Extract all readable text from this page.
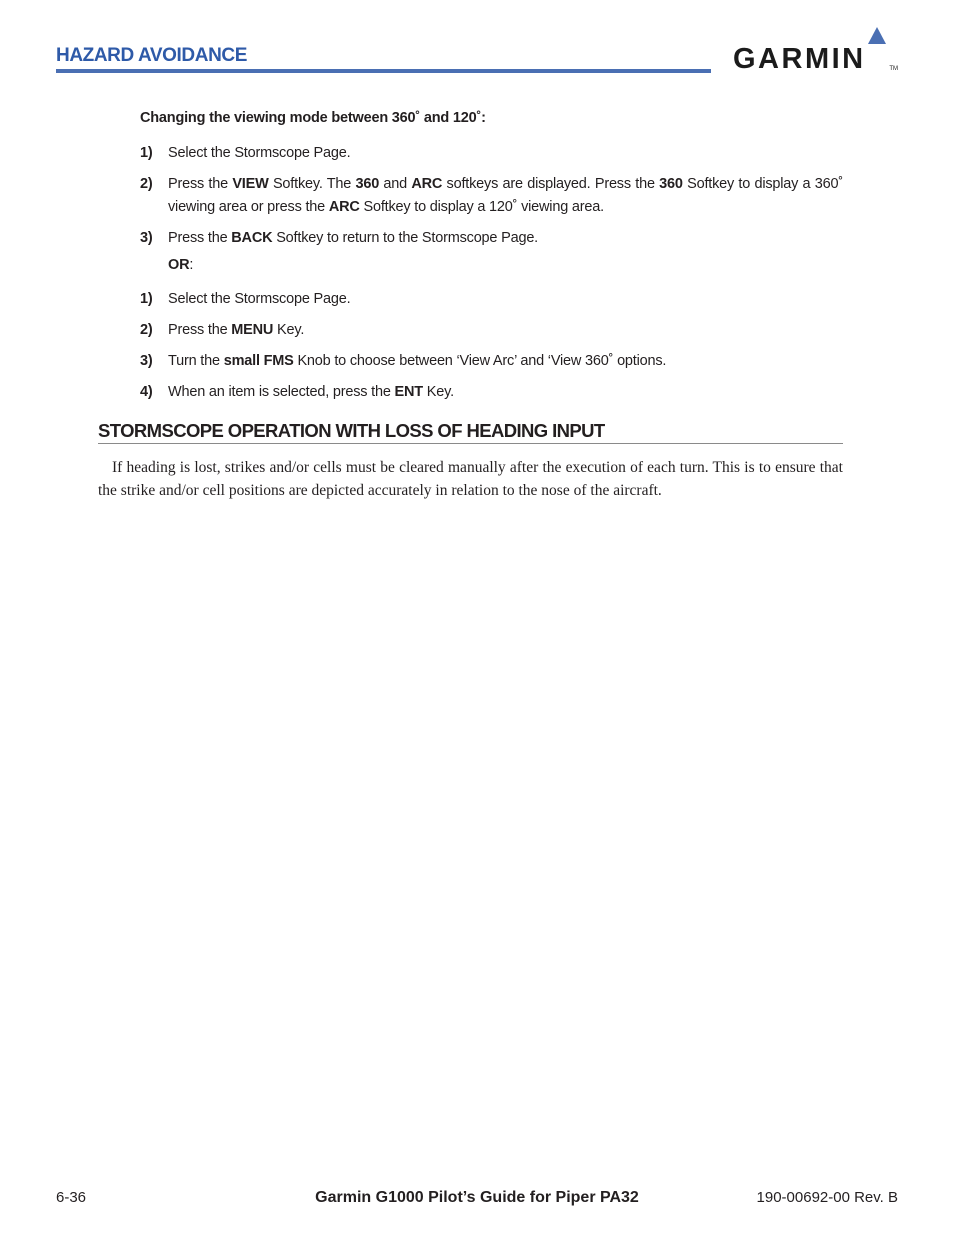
HAZARD AVOIDANCE	GARMIN	TM
Changing the viewing mode between 360˚ and 120˚:
1) Select the Stormscope Page.
2) Press the VIEW Softkey. The 360 and ARC softkeys are displayed. Press the 360 Softkey to display a 360˚ viewing area or press the ARC Softkey to display a 120˚ viewing area.
3) Press the BACK Softkey to return to the Stormscope Page.
OR:
1) Select the Stormscope Page.
2) Press the MENU Key.
3) Turn the small FMS Knob to choose between ‘View Arc’ and ‘View 360˚ options.
4) When an item is selected, press the ENT Key.
STORMSCOPE OPERATION WITH LOSS OF HEADING INPUT
If heading is lost, strikes and/or cells must be cleared manually after the execution of each turn. This is to ensure that the strike and/or cell positions are depicted accurately in relation to the nose of the aircraft.
6-36	Garmin G1000 Pilot’s Guide for Piper PA32	190-00692-00 Rev. B
